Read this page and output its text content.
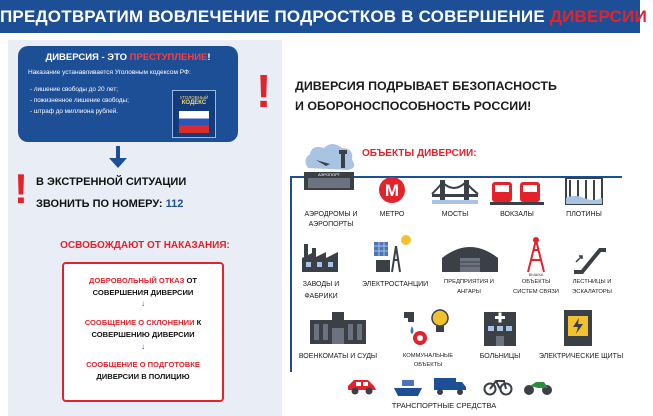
ПРЕДОТВРАТИМ ВОВЛЕЧЕНИЕ ПОДРОСТКОВ В СОВЕРШЕНИЕ ДИВЕРСИИ!
ДИВЕРСИЯ - ЭТО ПРЕСТУПЛЕНИЕ!
Наказание устанавливается Уголовным кодексом РФ:
- лишение свободы до 20 лет;
- пожизненное лишение свободы;
- штраф до миллиона рублей.
УГОЛОВНЫЙ
КОДЕКС
! В ЭКСТРЕННОЙ СИТУАЦИИ
ЗВОНИТЬ ПО НОМЕРУ: 112
ОСВОБОЖДАЮТ ОТ НАКАЗАНИЯ:
ДОБРОВОЛЬНЫЙ ОТКАЗ ОТ
СОВЕРШЕНИЯ ДИВЕРСИИ
↓
СООБЩЕНИЕ О СКЛОНЕНИИ К
СОВЕРШЕНИЮ ДИВЕРСИИ
↓
СООБЩЕНИЕ О ПОДГОТОВКЕ
ДИВЕРСИИ В ПОЛИЦИЮ
! ДИВЕРСИЯ ПОДРЫВАЕТ БЕЗОПАСНОСТЬ
И ОБОРОНОСПОСОБНОСТЬ РОССИИ!
ОБЪЕКТЫ ДИВЕРСИИ:
АЭРОПОРТ
АЭРОДРОМЫ И АЭРОПОРТЫ
М
МЕТРО	МОСТЫ	ВОКЗАЛЫ	ПЛОТИНЫ
ЗАВОДЫ И
ФАБРИКИ
ЭЛЕКТРОСТАНЦИИ	ПРЕДПРИЯТИЯ И
АНГАРЫ
ВЫШКА
ОБЪЕКТЫ
СИСТЕМ СВЯЗИ
ЛЕСТНИЦЫ И
ЭСКАЛАТОРЫ
ВОЕНКОМАТЫ И СУДЫ	КОММУНАЛЬНЫЕ
ОБЪЕКТЫ
БОЛЬНИЦЫ	ЭЛЕКТРИЧЕСКИЕ ЩИТЫ
ТРАНСПОРТНЫЕ СРЕДСТВА
